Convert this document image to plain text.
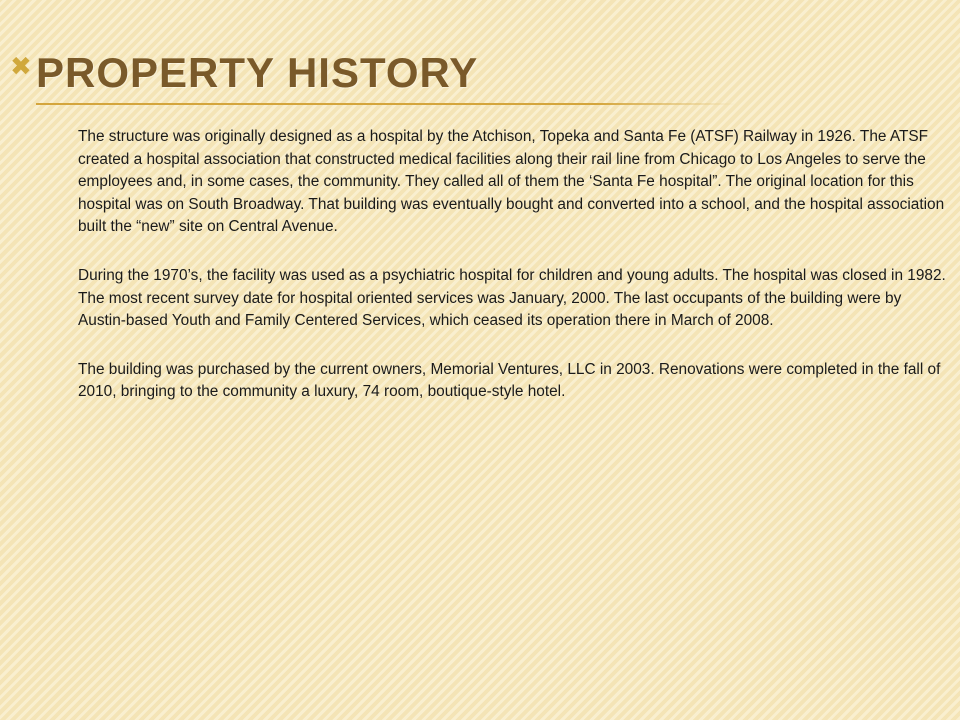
✖ PROPERTY HISTORY

The structure was originally designed as a hospital by the Atchison, Topeka and Santa Fe (ATSF) Railway in 1926. The ATSF created a hospital association that constructed medical facilities along their rail line from Chicago to Los Angeles to serve the employees and, in some cases, the community. They called all of them the ‘Santa Fe hospital”. The original location for this hospital was on South Broadway. That building was eventually bought and converted into a school, and the hospital association built the “new” site on Central Avenue.

During the 1970’s, the facility was used as a psychiatric hospital for children and young adults. The hospital was closed in 1982. The most recent survey date for hospital oriented services was January, 2000. The last occupants of the building were by Austin-based Youth and Family Centered Services, which ceased its operation there in March of 2008.

The building was purchased by the current owners, Memorial Ventures, LLC in 2003. Renovations were completed in the fall of 2010, bringing to the community a luxury, 74 room, boutique-style hotel.
